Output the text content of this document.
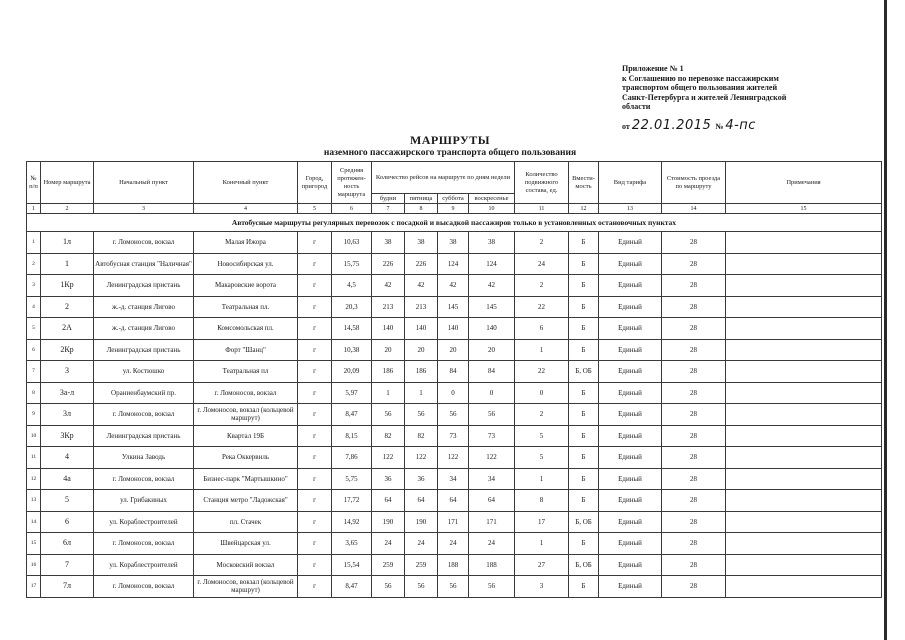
Приложение № 1
к Соглашению по перевозке пассажирским
транспортом общего пользования жителей
Санкт-Петербурга и жителей Ленинградской
области
от 22.01.2015 № 4-пс
МАРШРУТЫ
наземного пассажирского транспорта общего пользования
№ п/п	Номер маршрута	Начальный пункт	Конечный пункт	Город, пригород	Средняя протяжен-ность маршрута	Количество рейсов на маршруте по дням недели				Количество подвижного состава, ед.	Вмести-мость	Вид тарифа	Стоимость проезда по маршруту	Примечания
						будни	пятница	суббота	воскресенье					
1	2	3	4	5	6	7	8	9	10	11	12	13	14	15
Автобусные маршруты регулярных перевозок с посадкой и высадкой пассажиров только в установленных остановочных пунктах														
1	1л	г. Ломоносов, вокзал	Малая Ижора	г	10,63	38	38	38	38	2	Б	Единый	28	
2	1	Автобусная станция "Наличная"	Новосибирская ул.	г	15,75	226	226	124	124	24	Б	Единый	28	
3	1Кр	Ленинградская пристань	Макаровские ворота	г	4,5	42	42	42	42	2	Б	Единый	28	
4	2	ж.-д. станция Лигово	Театральная пл.	г	20,3	213	213	145	145	22	Б	Единый	28	
5	2А	ж.-д. станция Лигово	Комсомольская пл.	г	14,58	140	140	140	140	6	Б	Единый	28	
6	2Кр	Ленинградская пристань	Форт "Шанц"	г	10,38	20	20	20	20	1	Б	Единый	28	
7	3	ул. Костюшко	Театральная пл	г	20,09	186	186	84	84	22	Б, ОБ	Единый	28	
8	3а-л	Ораниенбаумский пр.	г. Ломоносов, вокзал	г	5,97	1	1	0	0	0	Б	Единый	28	
9	3л	г. Ломоносов, вокзал	г. Ломоносов, вокзал (кольцевой маршрут)	г	8,47	56	56	56	56	2	Б	Единый	28	
10	3Кр	Ленинградская пристань	Квартал 19Б	г	8,15	82	82	73	73	5	Б	Единый	28	
11	4	Улкина Заводь	Река Оккервиль	г	7,86	122	122	122	122	5	Б	Единый	28	
12	4а	г. Ломоносов, вокзал	Бизнес-парк "Мартышкино"	г	5,75	36	36	34	34	1	Б	Единый	28	
13	5	ул. Грибакиных	Станция метро "Ладожская"	г	17,72	64	64	64	64	8	Б	Единый	28	
14	6	ул. Кораблестроителей	пл. Стачек	г	14,92	190	190	171	171	17	Б, ОБ	Единый	28	
15	6л	г. Ломоносов, вокзал	Швейцарская ул.	г	3,65	24	24	24	24	1	Б	Единый	28	
16	7	ул. Кораблестроителей	Московский вокзал	г	15,54	259	259	188	188	27	Б, ОБ	Единый	28	
17	7л	г. Ломоносов, вокзал	г. Ломоносов, вокзал (кольцевой маршрут)	г	8,47	56	56	56	56	3	Б	Единый	28	
